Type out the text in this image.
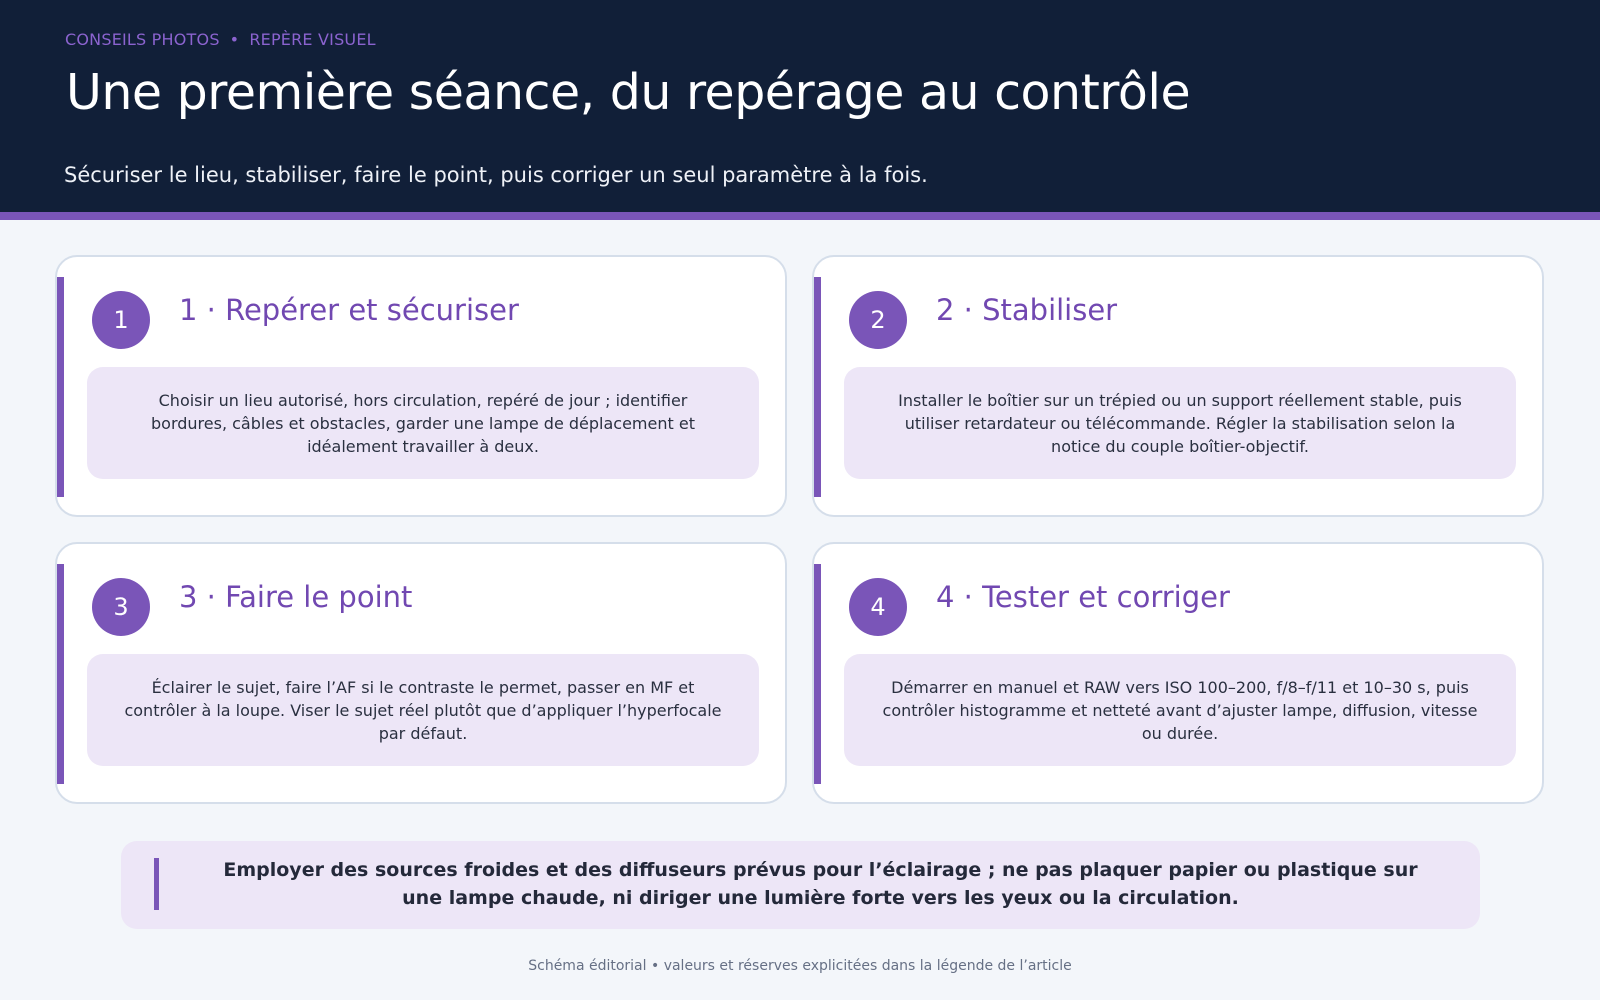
CONSEILS PHOTOS • REPÈRE VISUEL
Une première séance, du repérage au contrôle
Sécuriser le lieu, stabiliser, faire le point, puis corriger un seul paramètre à la fois.
1	1 · Repérer et sécuriser
Choisir un lieu autorisé, hors circulation, repéré de jour ; identifier bordures, câbles et obstacles, garder une lampe de déplacement et idéalement travailler à deux.
2	2 · Stabiliser
Installer le boîtier sur un trépied ou un support réellement stable, puis utiliser retardateur ou télécommande. Régler la stabilisation selon la notice du couple boîtier-objectif.
3	3 · Faire le point
Éclairer le sujet, faire l’AF si le contraste le permet, passer en MF et contrôler à la loupe. Viser le sujet réel plutôt que d’appliquer l’hyperfocale par défaut.
4	4 · Tester et corriger
Démarrer en manuel et RAW vers ISO 100–200, f/8–f/11 et 10–30 s, puis contrôler histogramme et netteté avant d’ajuster lampe, diffusion, vitesse ou durée.
Employer des sources froides et des diffuseurs prévus pour l’éclairage ; ne pas plaquer papier ou plastique sur une lampe chaude, ni diriger une lumière forte vers les yeux ou la circulation.
Schéma éditorial • valeurs et réserves explicitées dans la légende de l’article
